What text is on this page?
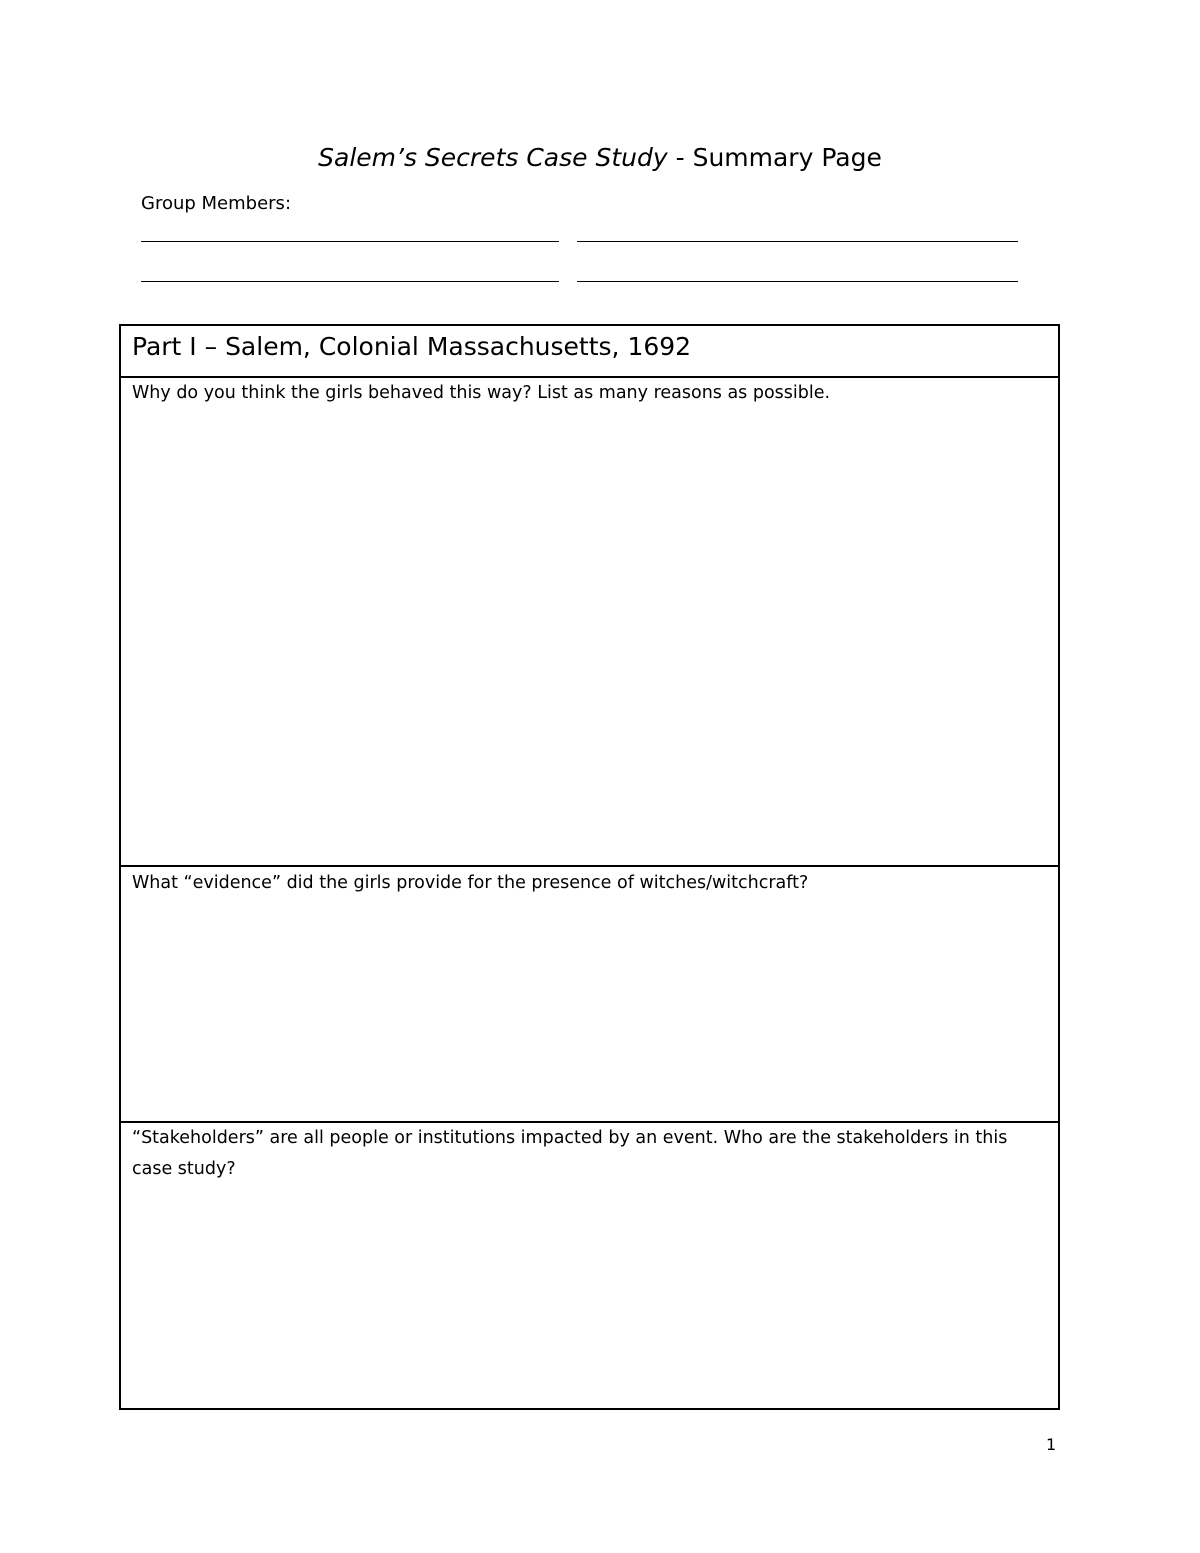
Salem’s Secrets Case Study - Summary Page
Group Members:
Part I – Salem, Colonial Massachusetts, 1692
Why do you think the girls behaved this way? List as many reasons as possible.
What “evidence” did the girls provide for the presence of witches/witchcraft?
“Stakeholders” are all people or institutions impacted by an event. Who are the stakeholders in this case study?
1
